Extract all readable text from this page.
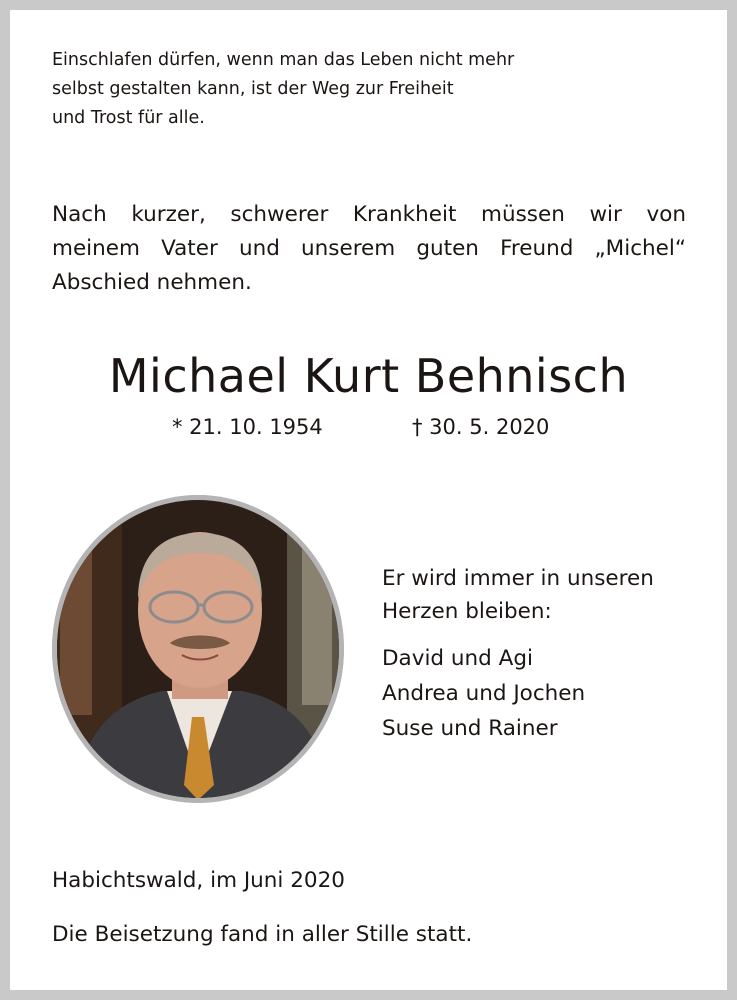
Einschlafen dürfen, wenn man das Leben nicht mehr
selbst gestalten kann, ist der Weg zur Freiheit
und Trost für alle.

Nach kurzer, schwerer Krankheit müssen wir von
meinem Vater und unserem guten Freund „Michel“
Abschied nehmen.

Michael Kurt Behnisch
* 21. 10. 1954	† 30. 5. 2020
Er wird immer in unseren
Herzen bleiben:
David und Agi
Andrea und Jochen
Suse und Rainer
Habichtswald, im Juni 2020
Die Beisetzung fand in aller Stille statt.
